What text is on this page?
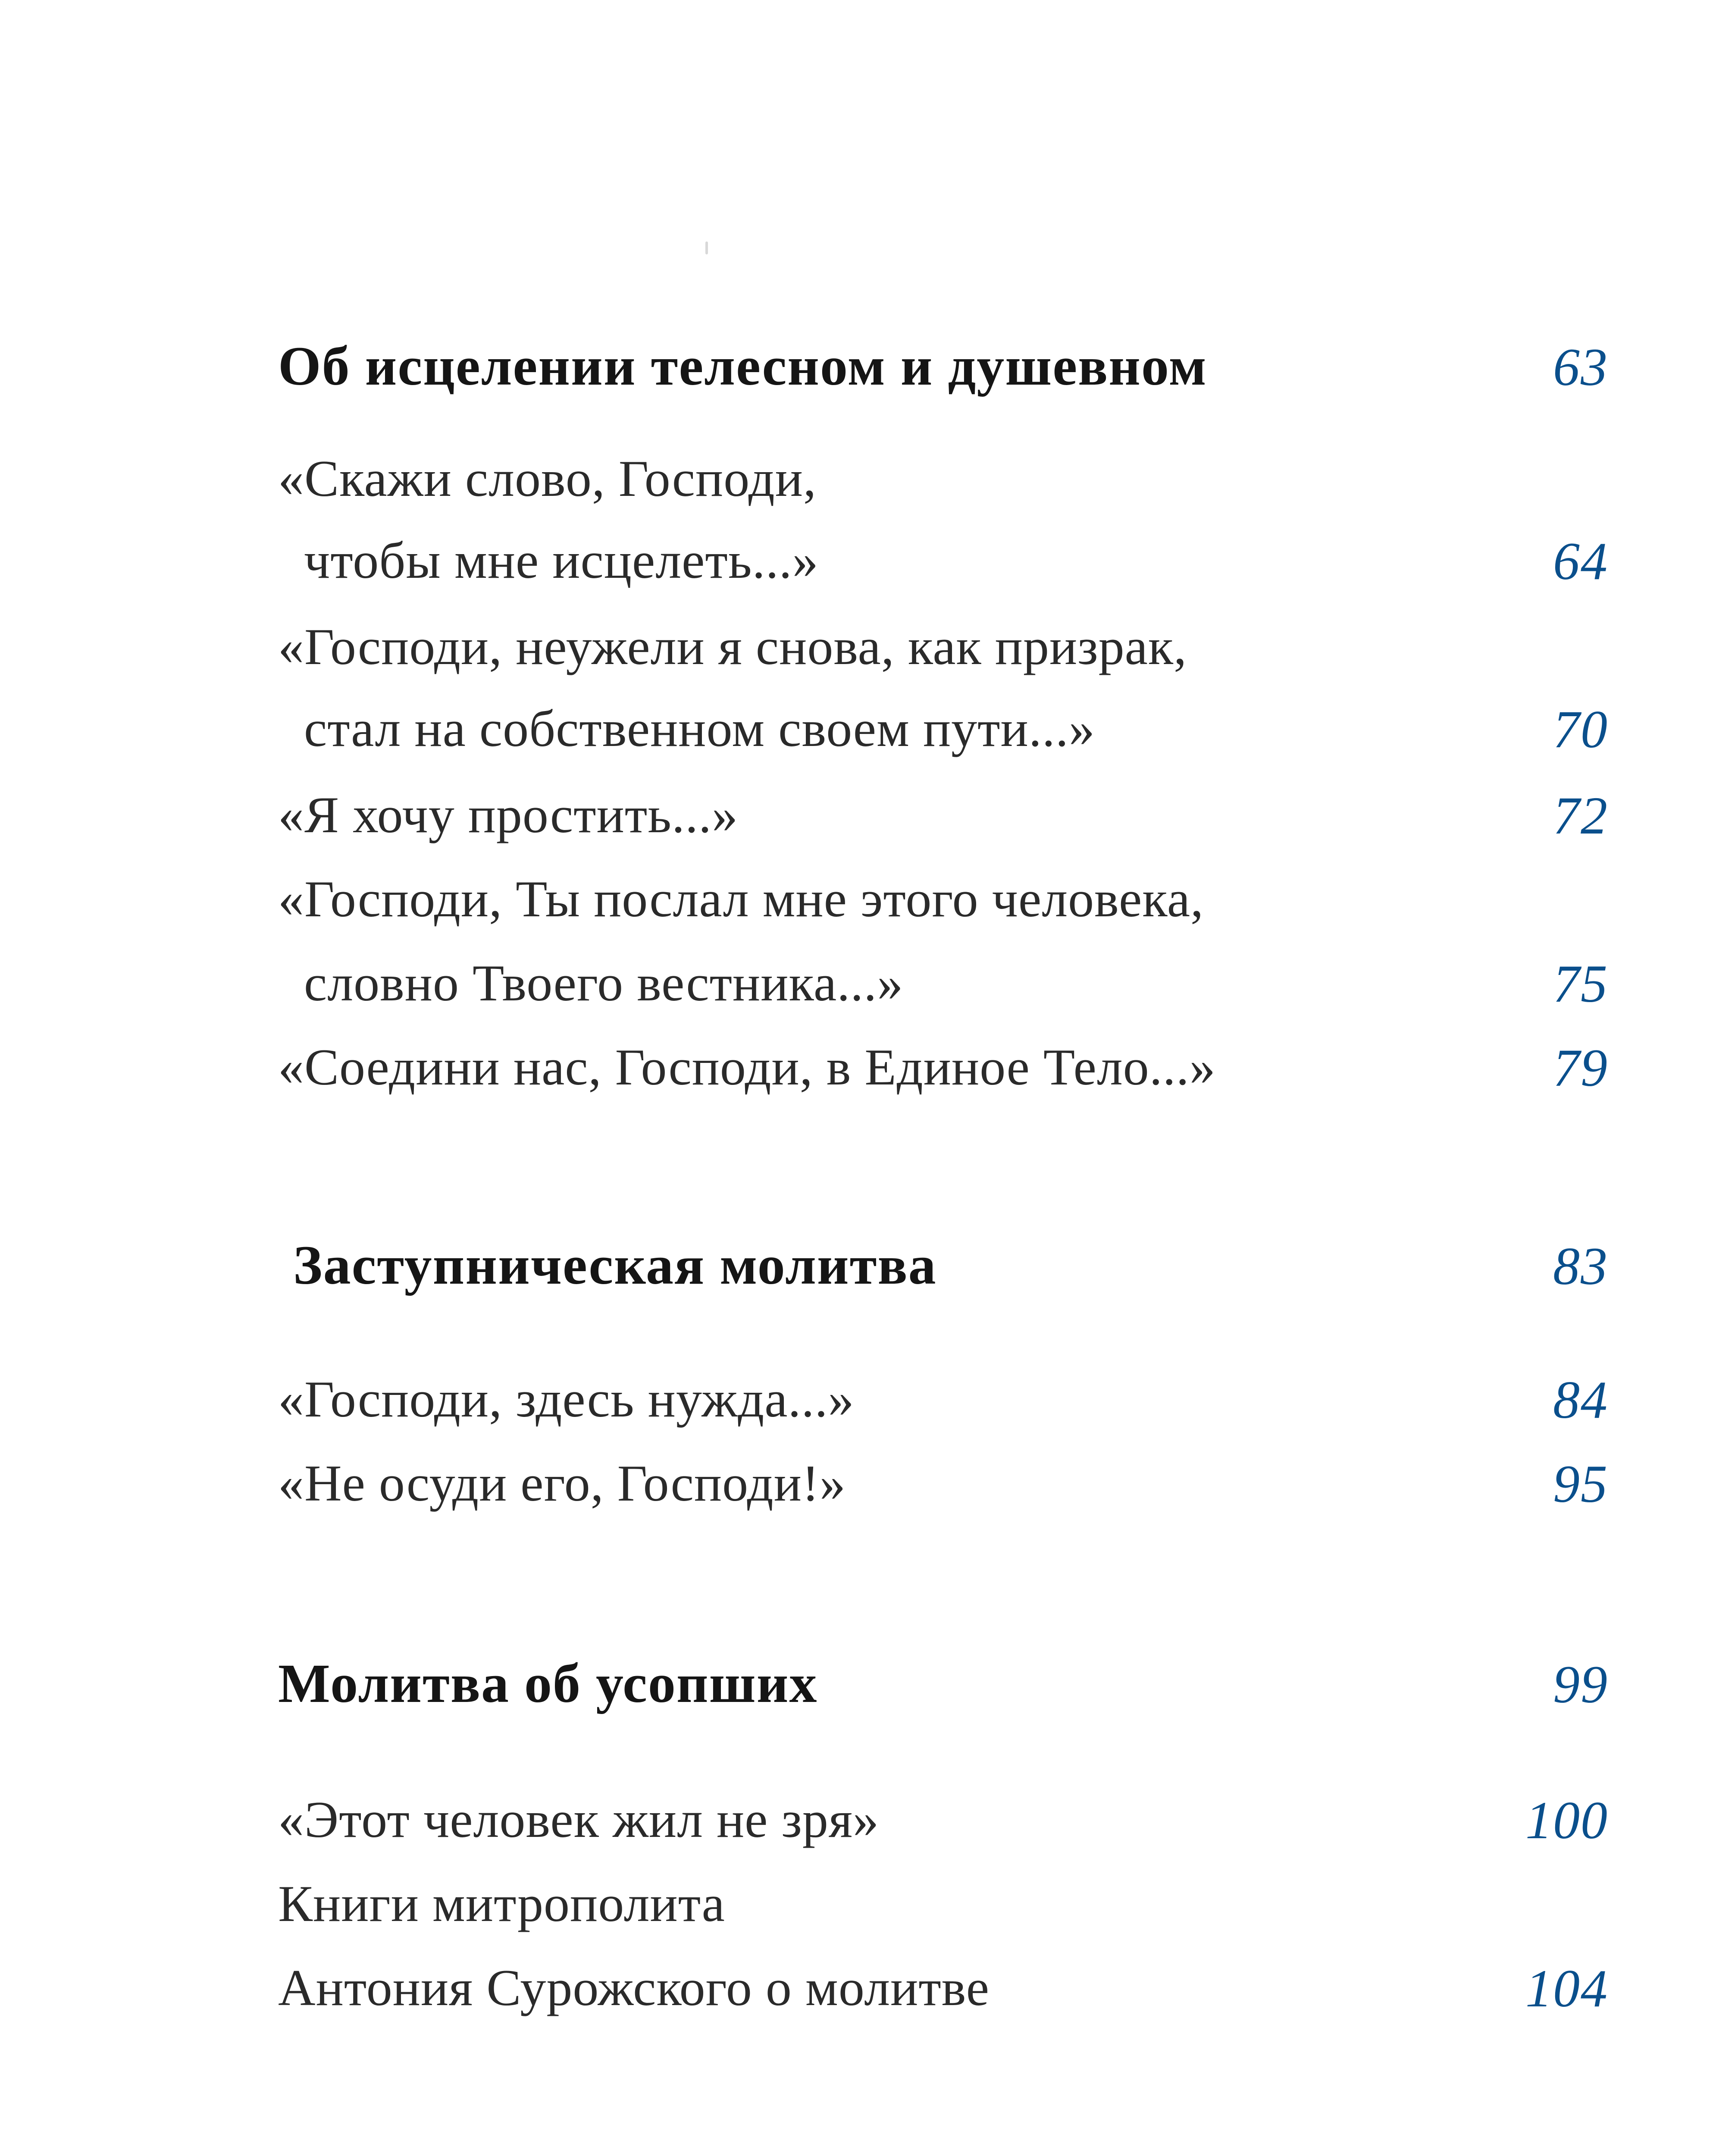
Об исцелении телесном и душевном	63
«Скажи слово, Господи,
чтобы мне исцелеть...»	64
«Господи, неужели я снова, как призрак,
стал на собственном своем пути...»	70
«Я хочу простить...»	72
«Господи, Ты послал мне этого человека,
словно Твоего вестника...»	75
«Соедини нас, Господи, в Единое Тело...»	79
Заступническая молитва	83
«Господи, здесь нужда...»	84
«Не осуди его, Господи!»	95
Молитва об усопших	99
«Этот человек жил не зря»	100
Книги митрополита
Антония Сурожского о молитве	104
